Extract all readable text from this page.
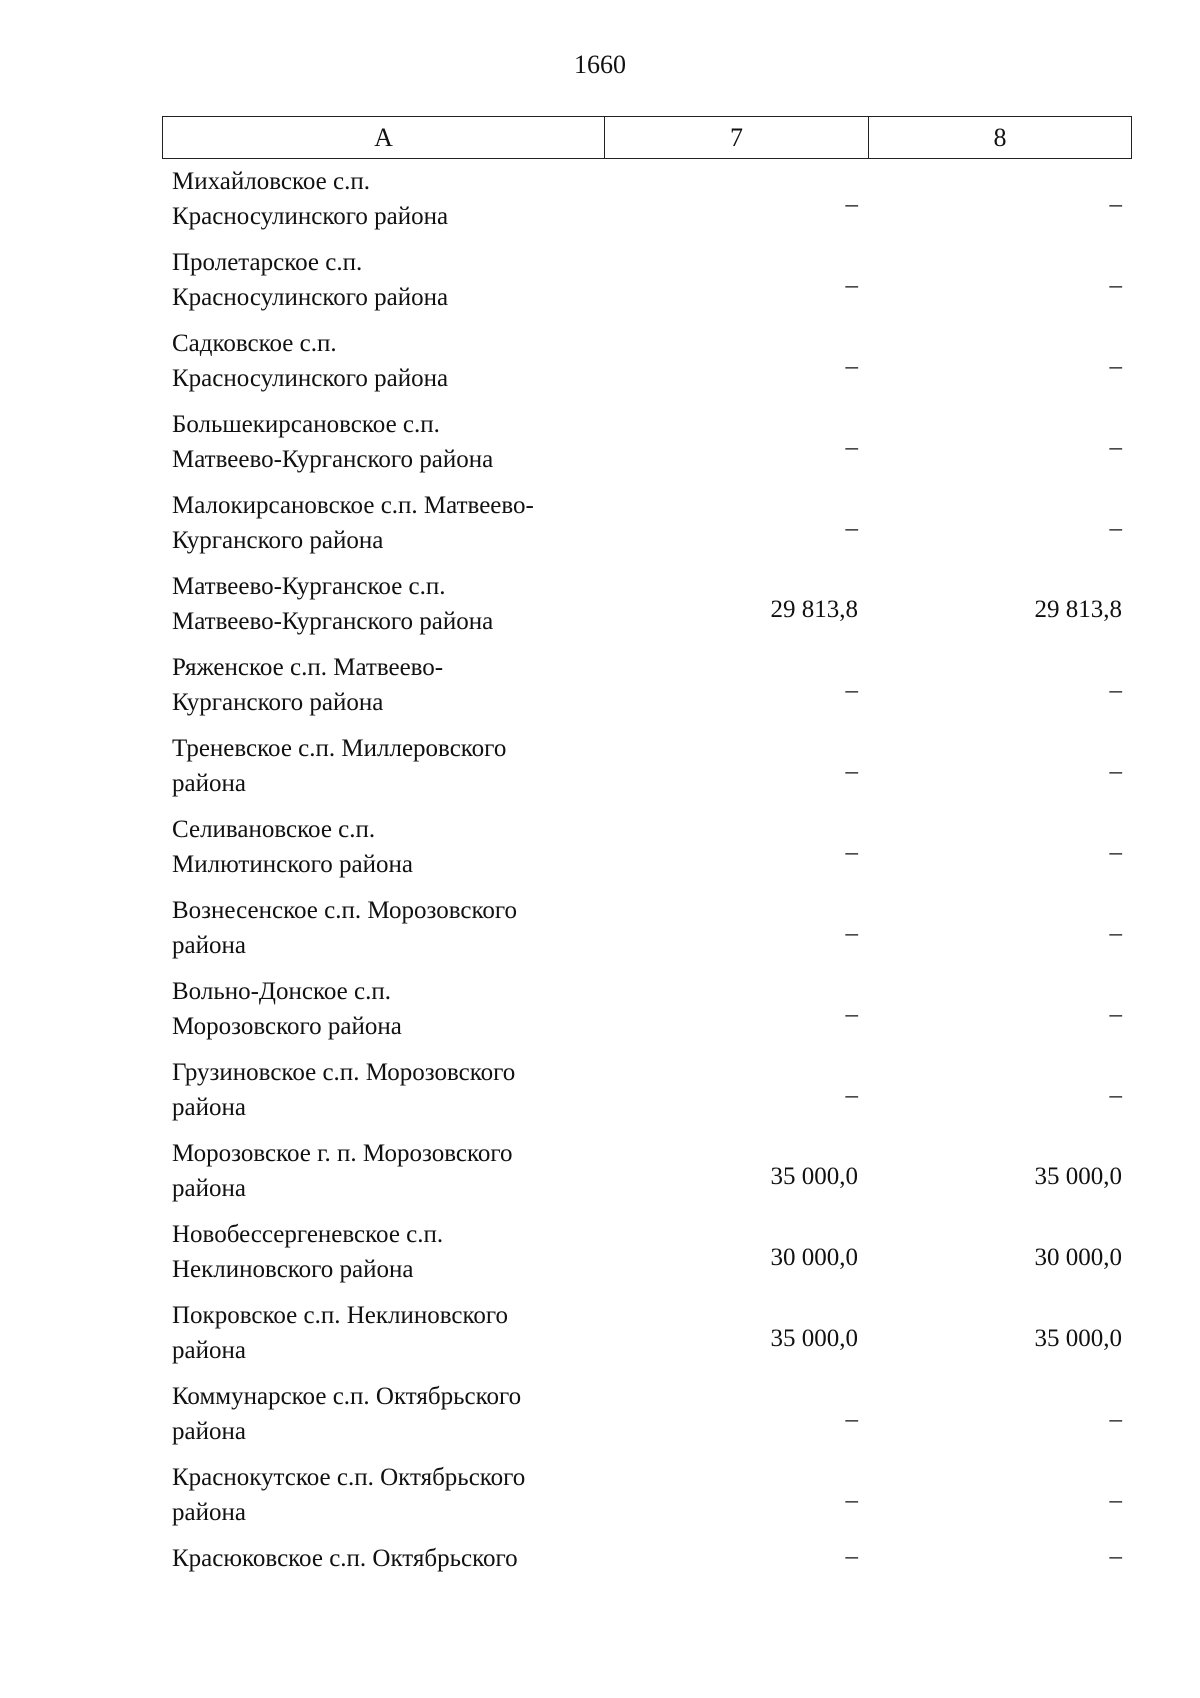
1660
А	7	8
Михайловское с.п.
Красносулинского района	–	–
Пролетарское с.п.
Красносулинского района	–	–
Садковское с.п.
Красносулинского района	–	–
Большекирсановское с.п.
Матвеево-Курганского района	–	–
Малокирсановское с.п. Матвеево-
Курганского района	–	–
Матвеево-Курганское с.п.
Матвеево-Курганского района	29 813,8	29 813,8
Ряженское с.п. Матвеево-
Курганского района	–	–
Треневское с.п. Миллеровского
района	–	–
Селивановское с.п.
Милютинского района	–	–
Вознесенское с.п. Морозовского
района	–	–
Вольно-Донское с.п.
Морозовского района	–	–
Грузиновское с.п. Морозовского
района	–	–
Морозовское г. п. Морозовского
района	35 000,0	35 000,0
Новобессергеневское с.п.
Неклиновского района	30 000,0	30 000,0
Покровское с.п. Неклиновского
района	35 000,0	35 000,0
Коммунарское с.п. Октябрьского
района	–	–
Краснокутское с.п. Октябрьского
района	–	–
Красюковское с.п. Октябрьского	–	–
